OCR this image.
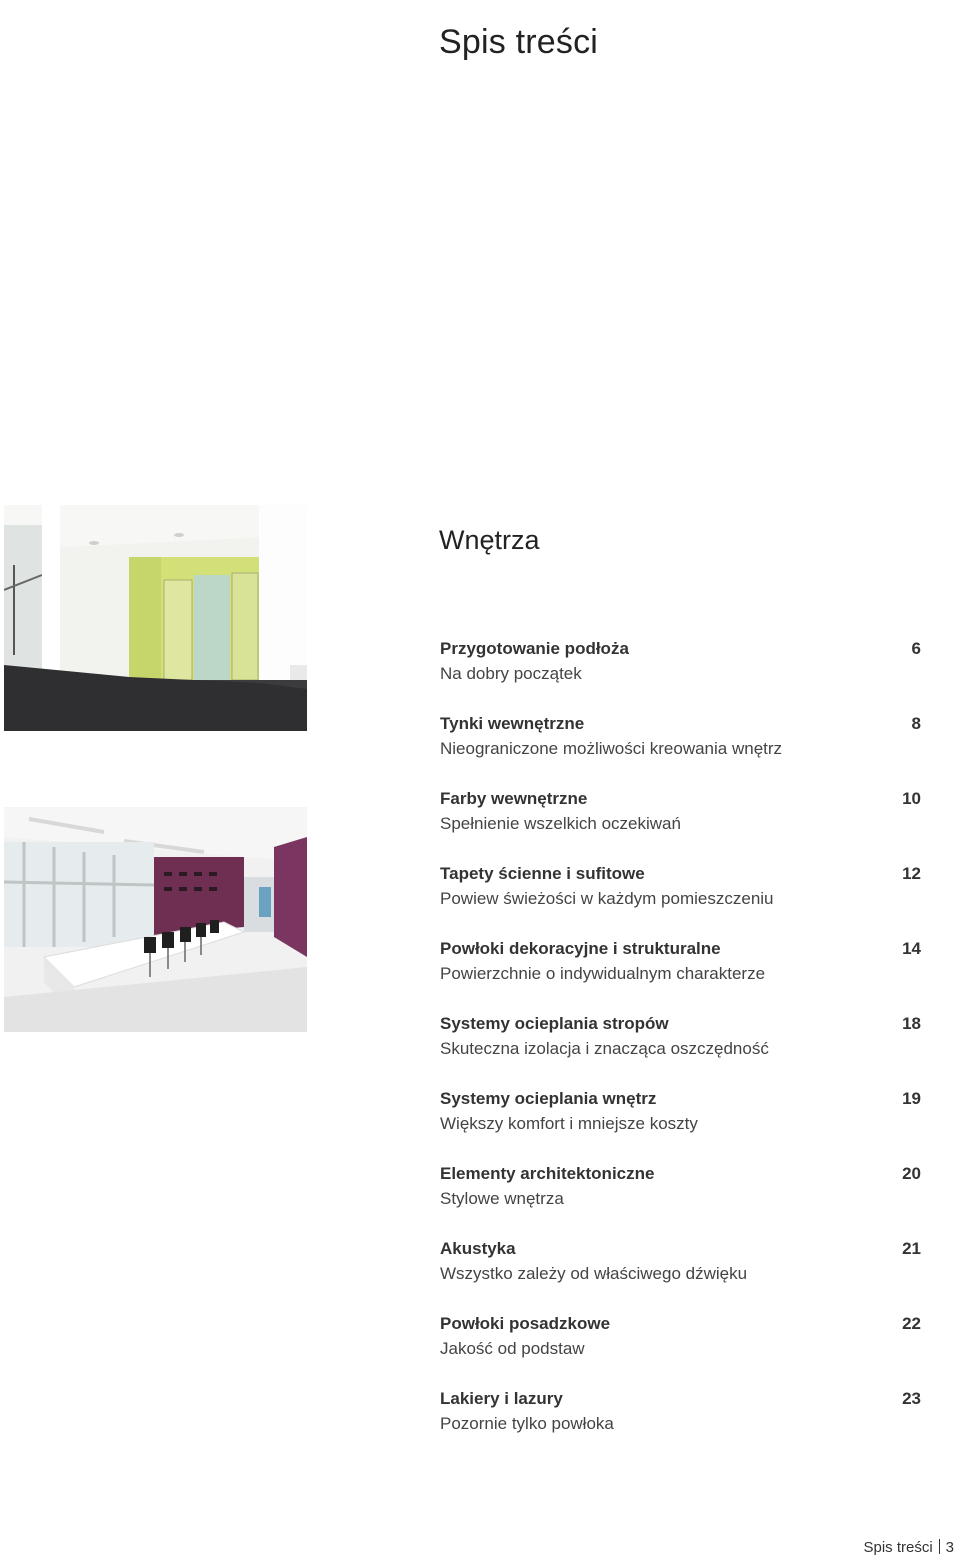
Spis treści
Wnętrza
Przygotowanie podłoża	6
Na dobry początek
Tynki wewnętrzne	8
Nieograniczone możliwości kreowania wnętrz
Farby wewnętrzne	10
Spełnienie wszelkich oczekiwań
Tapety ścienne i sufitowe	12
Powiew świeżości w każdym pomieszczeniu
Powłoki dekoracyjne i strukturalne	14
Powierzchnie o indywidualnym charakterze
Systemy ocieplania stropów	18
Skuteczna izolacja i znacząca oszczędność
Systemy ocieplania wnętrz	19
Większy komfort i mniejsze koszty
Elementy architektoniczne	20
Stylowe wnętrza
Akustyka	21
Wszystko zależy od właściwego dźwięku
Powłoki posadzkowe	22
Jakość od podstaw
Lakiery i lazury	23
Pozornie tylko powłoka
Spis treści 3
